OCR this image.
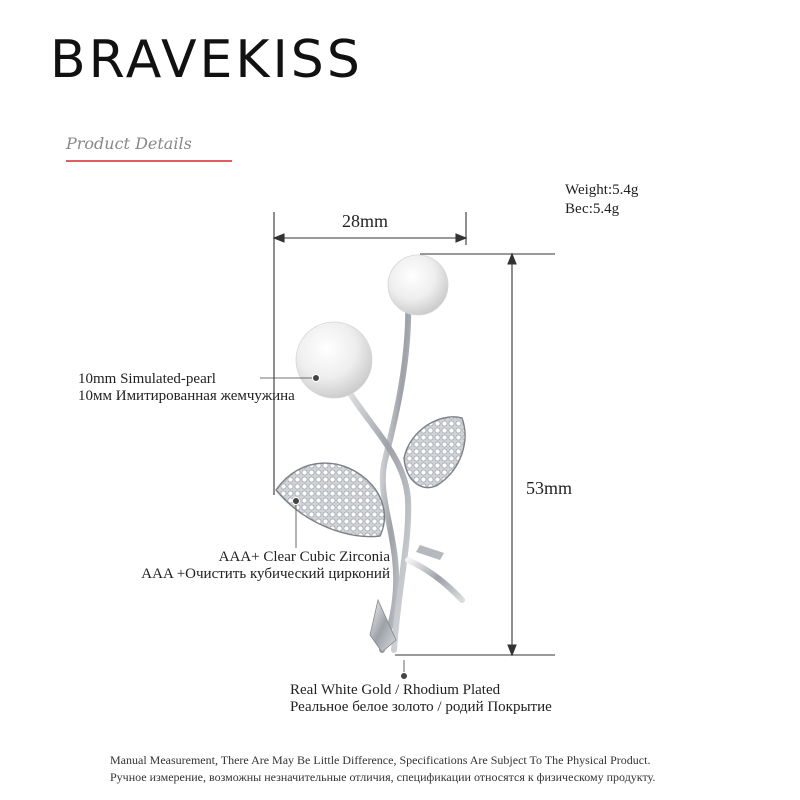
BRAVEKISS
Product Details
Weight:5.4g
Вес:5.4g
28mm
53mm
10mm Simulated-pearl
10мм Имитированная жемчужина
AAA+ Clear Cubic Zirconia
AAA +Очистить кубический цирконий
Real White Gold / Rhodium Plated
Реальное белое золото / родий Покрытие
Manual Measurement, There Are May Be Little Difference, Specifications Are Subject To The Physical Product.
Ручное измерение, возможны незначительные отличия, спецификации относятся к физическому продукту.
